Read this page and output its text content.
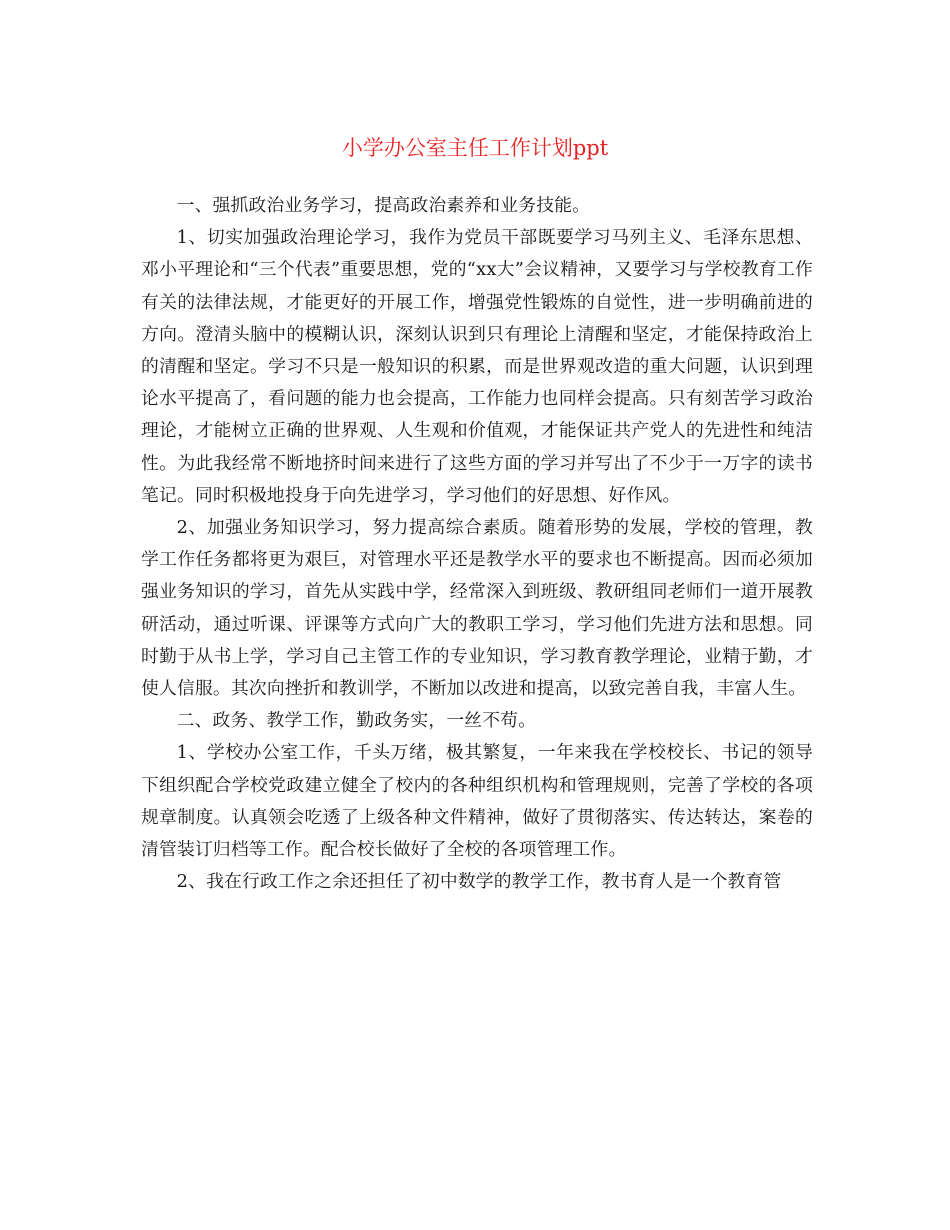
小学办公室主任工作计划ppt

一、强抓政治业务学习，提高政治素养和业务技能。

1、切实加强政治理论学习，我作为党员干部既要学习马列主义、毛泽东思想、邓小平理论和“三个代表”重要思想，党的“xx大”会议精神，又要学习与学校教育工作有关的法律法规，才能更好的开展工作，增强党性锻炼的自觉性，进一步明确前进的方向。澄清头脑中的模糊认识，深刻认识到只有理论上清醒和坚定，才能保持政治上的清醒和坚定。学习不只是一般知识的积累，而是世界观改造的重大问题，认识到理论水平提高了，看问题的能力也会提高，工作能力也同样会提高。只有刻苦学习政治理论，才能树立正确的世界观、人生观和价值观，才能保证共产党人的先进性和纯洁性。为此我经常不断地挤时间来进行了这些方面的学习并写出了不少于一万字的读书笔记。同时积极地投身于向先进学习，学习他们的好思想、好作风。

2、加强业务知识学习，努力提高综合素质。随着形势的发展，学校的管理，教学工作任务都将更为艰巨，对管理水平还是教学水平的要求也不断提高。因而必须加强业务知识的学习，首先从实践中学，经常深入到班级、教研组同老师们一道开展教研活动，通过听课、评课等方式向广大的教职工学习，学习他们先进方法和思想。同时勤于从书上学，学习自己主管工作的专业知识，学习教育教学理论，业精于勤，才使人信服。其次向挫折和教训学，不断加以改进和提高，以致完善自我，丰富人生。

二、政务、教学工作，勤政务实，一丝不苟。

1、学校办公室工作，千头万绪，极其繁复，一年来我在学校校长、书记的领导下组织配合学校党政建立健全了校内的各种组织机构和管理规则，完善了学校的各项规章制度。认真领会吃透了上级各种文件精神，做好了贯彻落实、传达转达，案卷的清管装订归档等工作。配合校长做好了全校的各项管理工作。

2、我在行政工作之余还担任了初中数学的教学工作，教书育人是一个教育管
